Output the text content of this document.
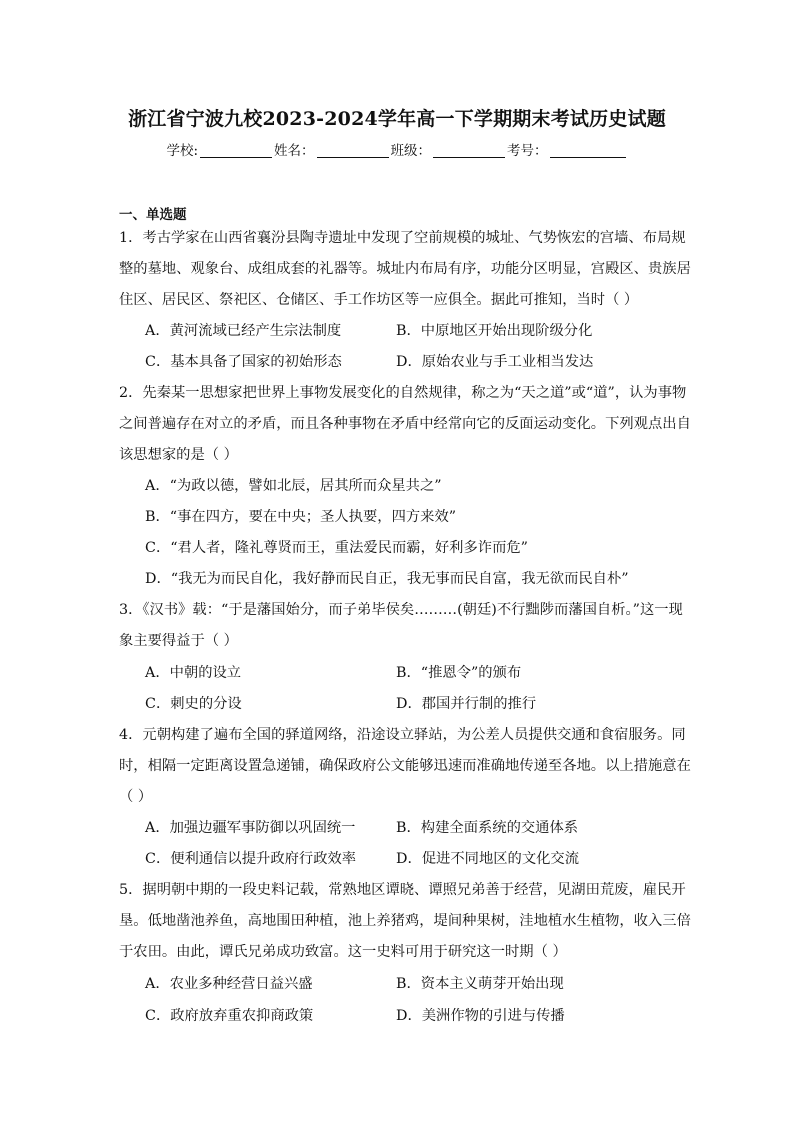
浙江省宁波九校2023-2024学年高一下学期期末考试历史试题
学校:	姓名：	班级：	考号：
一、单选题
1．考古学家在山西省襄汾县陶寺遗址中发现了空前规模的城址、气势恢宏的宫墙、布局规
整的墓地、观象台、成组成套的礼器等。城址内布局有序，功能分区明显，宫殿区、贵族居
住区、居民区、祭祀区、仓储区、手工作坊区等一应俱全。据此可推知，当时（ ）
A．黄河流域已经产生宗法制度	B．中原地区开始出现阶级分化
C．基本具备了国家的初始形态	D．原始农业与手工业相当发达
2．先秦某一思想家把世界上事物发展变化的自然规律，称之为“天之道”或“道”，认为事物
之间普遍存在对立的矛盾，而且各种事物在矛盾中经常向它的反面运动变化。下列观点出自
该思想家的是（ ）
A．“为政以德，譬如北辰，居其所而众星共之”
B．“事在四方，要在中央；圣人执要，四方来效”
C．“君人者，隆礼尊贤而王，重法爱民而霸，好利多诈而危”
D．“我无为而民自化，我好静而民自正，我无事而民自富，我无欲而民自朴”
3．《汉书》载：“于是藩国始分，而子弟毕侯矣………(朝廷)不行黜陟而藩国自析。”这一现
象主要得益于（ ）
A．中朝的设立	B．“推恩令”的颁布
C．刺史的分设	D．郡国并行制的推行
4．元朝构建了遍布全国的驿道网络，沿途设立驿站，为公差人员提供交通和食宿服务。同
时，相隔一定距离设置急递铺，确保政府公文能够迅速而准确地传递至各地。以上措施意在
（ ）
A．加强边疆军事防御以巩固统一	B．构建全面系统的交通体系
C．便利通信以提升政府行政效率	D．促进不同地区的文化交流
5．据明朝中期的一段史料记载，常熟地区谭晓、谭照兄弟善于经营，见湖田荒废，雇民开
垦。低地凿池养鱼，高地围田种植，池上养猪鸡，堤间种果树，洼地植水生植物，收入三倍
于农田。由此，谭氏兄弟成功致富。这一史料可用于研究这一时期（ ）
A．农业多种经营日益兴盛	B．资本主义萌芽开始出现
C．政府放弃重农抑商政策	D．美洲作物的引进与传播
